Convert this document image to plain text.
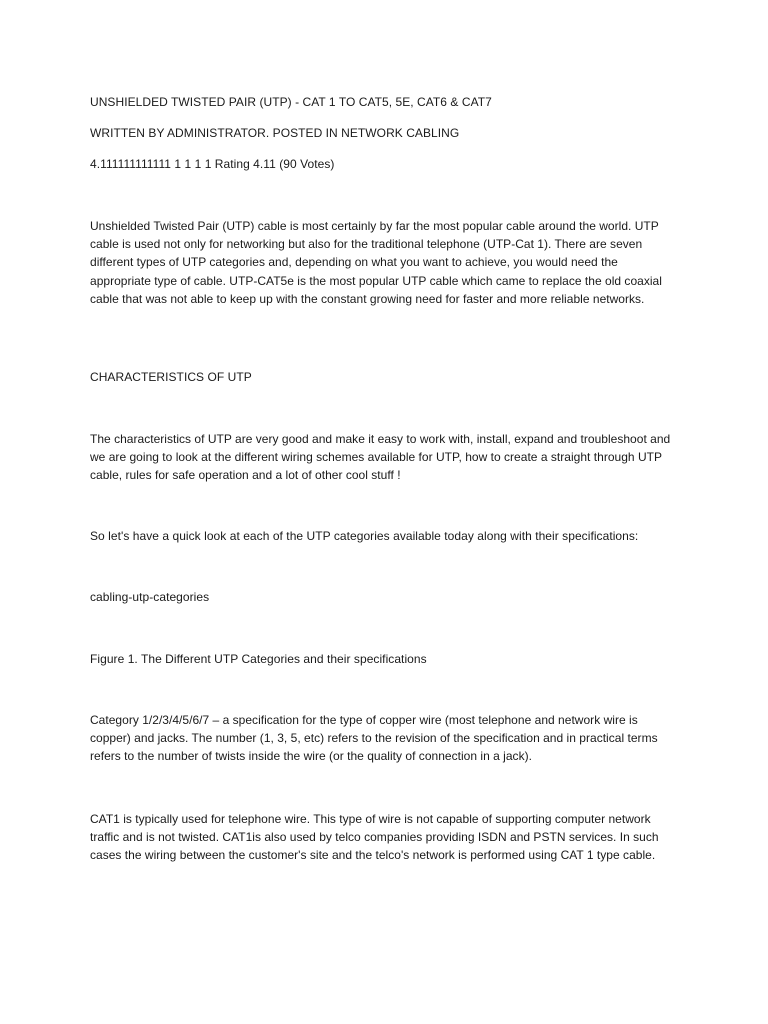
UNSHIELDED TWISTED PAIR (UTP) - CAT 1 TO CAT5, 5E, CAT6 & CAT7

WRITTEN BY ADMINISTRATOR. POSTED IN NETWORK CABLING

4.111111111111 1 1 1 1 Rating 4.11 (90 Votes)

Unshielded Twisted Pair (UTP) cable is most certainly by far the most popular cable around the world. UTP cable is used not only for networking but also for the traditional telephone (UTP-Cat 1). There are seven different types of UTP categories and, depending on what you want to achieve, you would need the appropriate type of cable. UTP-CAT5e is the most popular UTP cable which came to replace the old coaxial cable that was not able to keep up with the constant growing need for faster and more reliable networks.

CHARACTERISTICS OF UTP

The characteristics of UTP are very good and make it easy to work with, install, expand and troubleshoot and we are going to look at the different wiring schemes available for UTP, how to create a straight through UTP cable, rules for safe operation and a lot of other cool stuff !

So let's have a quick look at each of the UTP categories available today along with their specifications:

cabling-utp-categories

Figure 1. The Different UTP Categories and their specifications

Category 1/2/3/4/5/6/7 – a specification for the type of copper wire (most telephone and network wire is copper) and jacks. The number (1, 3, 5, etc) refers to the revision of the specification and in practical terms refers to the number of twists inside the wire (or the quality of connection in a jack).

CAT1 is typically used for telephone wire. This type of wire is not capable of supporting computer network traffic and is not twisted. CAT1is also used by telco companies providing ISDN and PSTN services. In such cases the wiring between the customer's site and the telco's network is performed using CAT 1 type cable.
